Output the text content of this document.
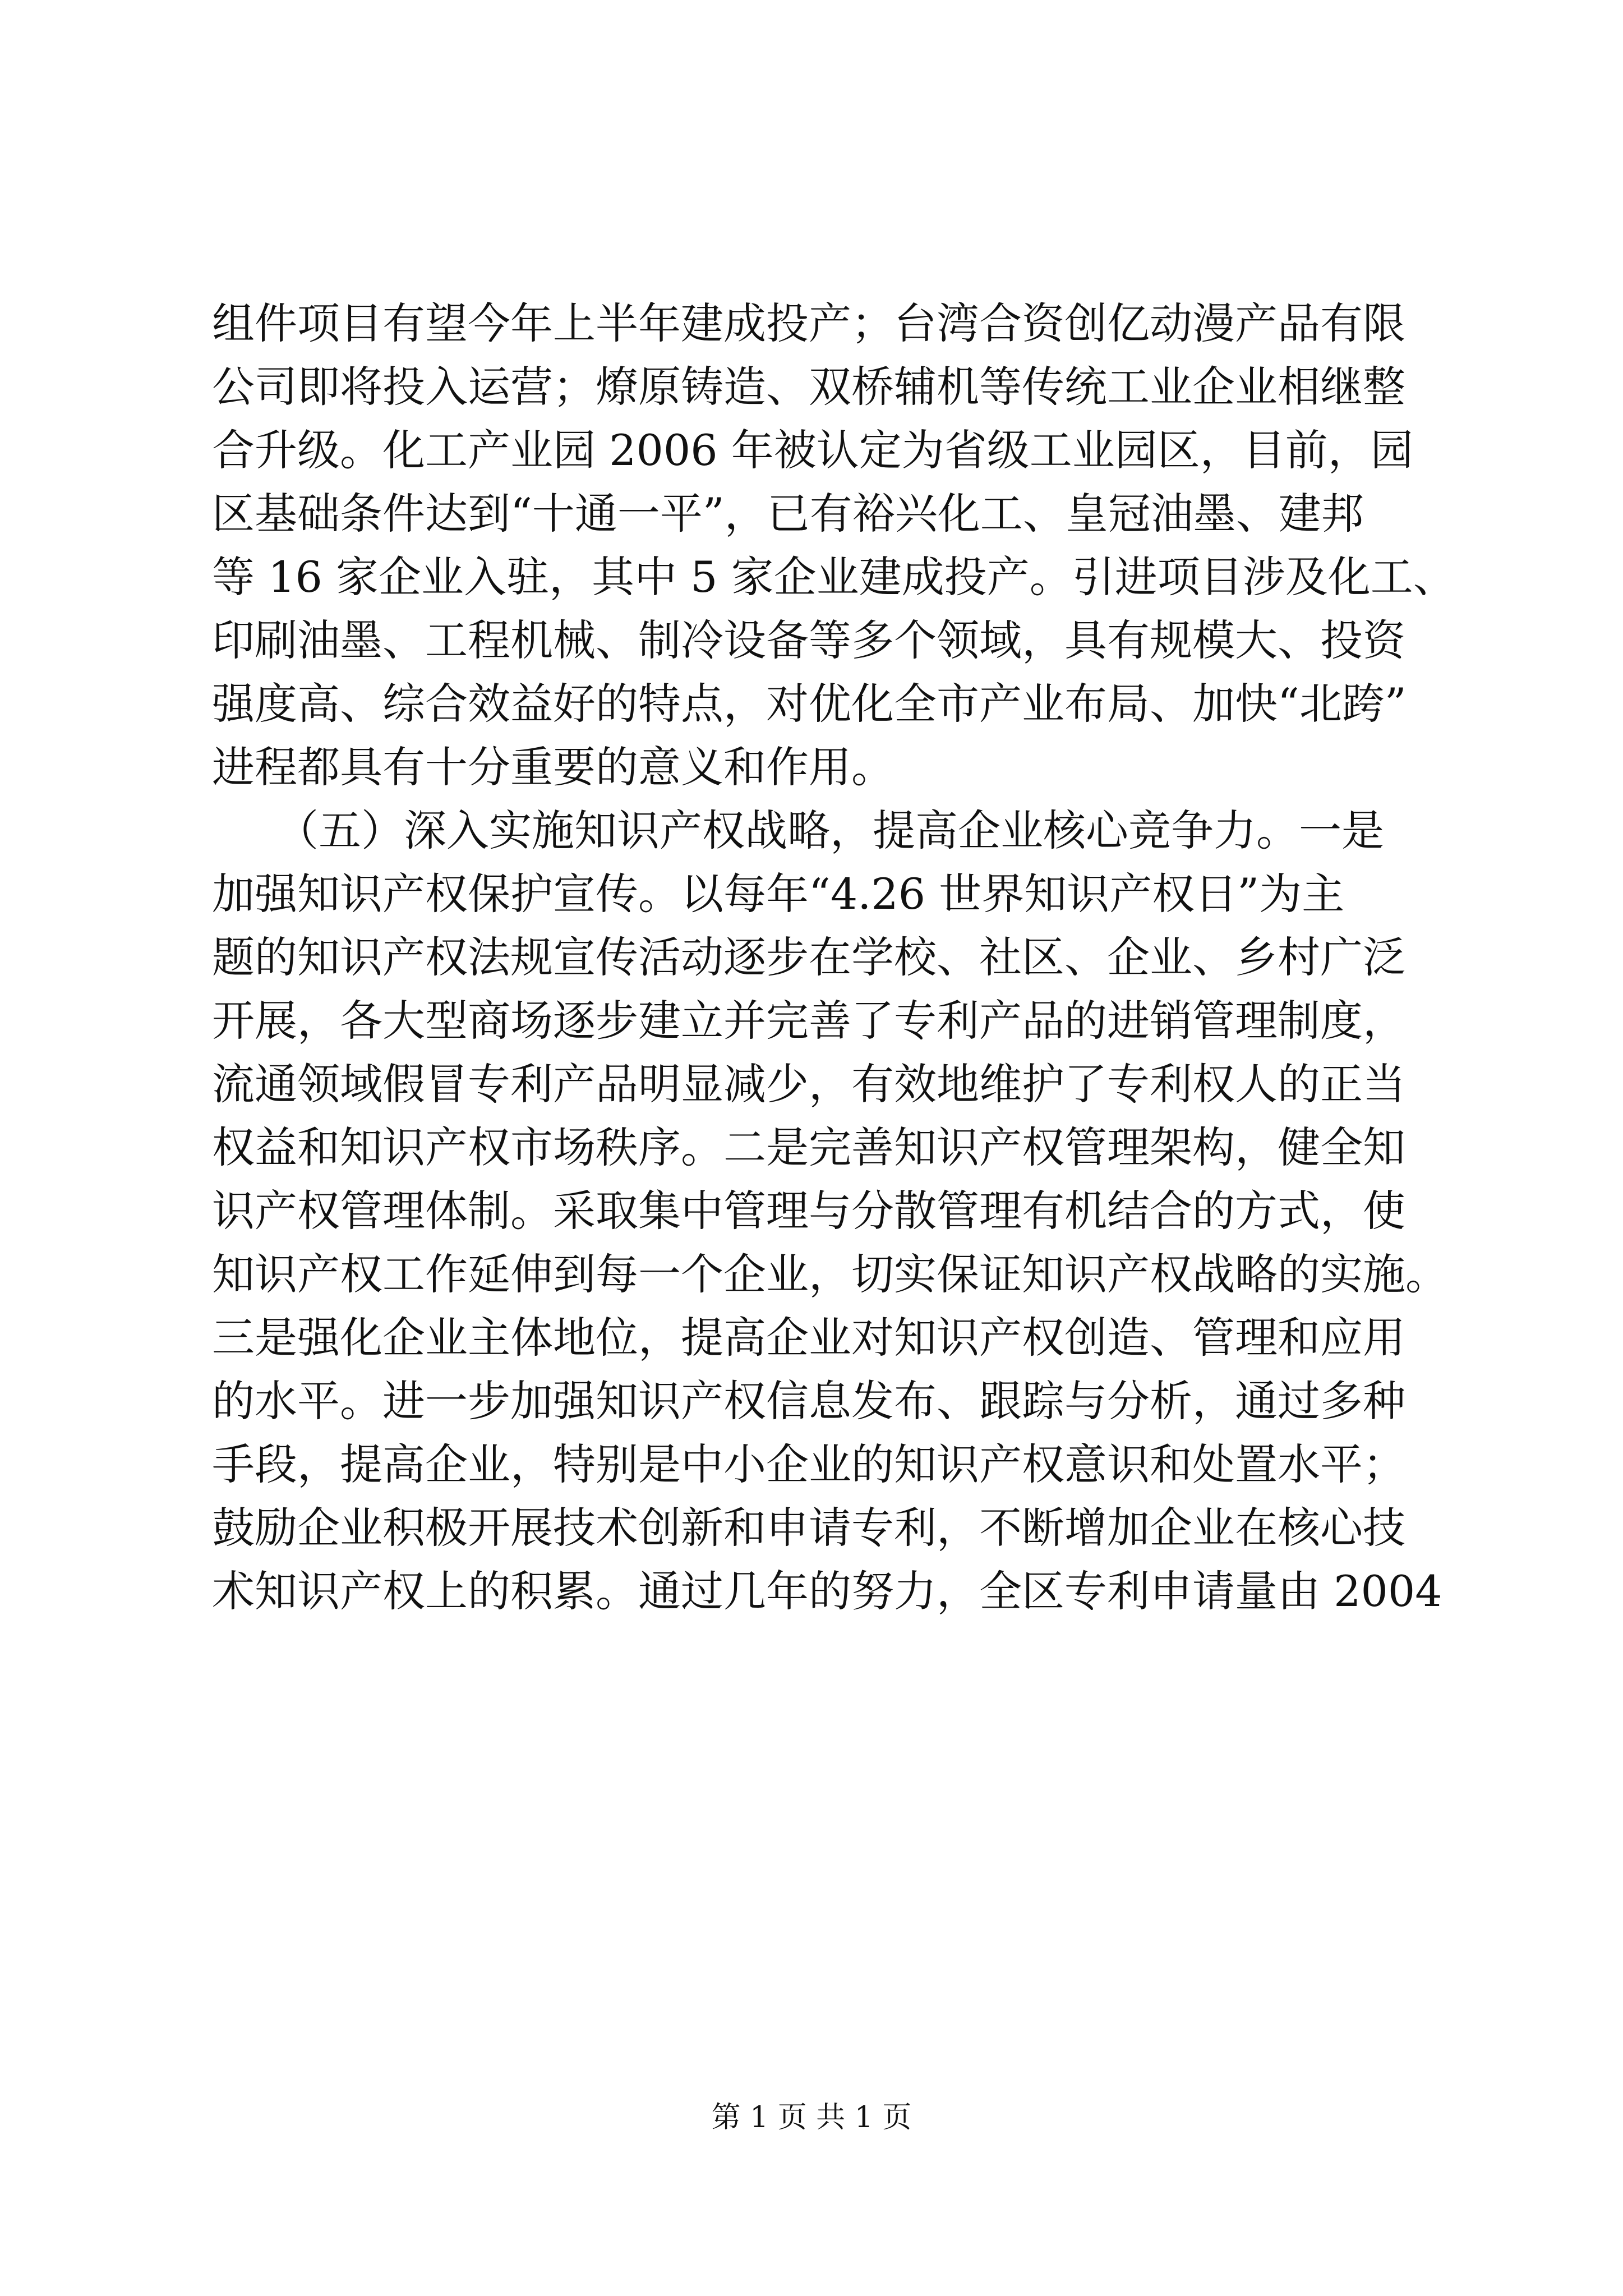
组件项目有望今年上半年建成投产；台湾合资创亿动漫产品有限
公司即将投入运营；燎原铸造、双桥辅机等传统工业企业相继整
合升级。化工产业园 2006 年被认定为省级工业园区，目前，园
区基础条件达到“十通一平”，已有裕兴化工、皇冠油墨、建邦
等 16 家企业入驻，其中 5 家企业建成投产。引进项目涉及化工、
印刷油墨、工程机械、制冷设备等多个领域，具有规模大、投资
强度高、综合效益好的特点，对优化全市产业布局、加快“北跨”
进程都具有十分重要的意义和作用。
　　（五）深入实施知识产权战略，提高企业核心竞争力。一是
加强知识产权保护宣传。以每年“4.26 世界知识产权日”为主
题的知识产权法规宣传活动逐步在学校、社区、企业、乡村广泛
开展，各大型商场逐步建立并完善了专利产品的进销管理制度，
流通领域假冒专利产品明显减少，有效地维护了专利权人的正当
权益和知识产权市场秩序。二是完善知识产权管理架构，健全知
识产权管理体制。采取集中管理与分散管理有机结合的方式，使
知识产权工作延伸到每一个企业，切实保证知识产权战略的实施。
三是强化企业主体地位，提高企业对知识产权创造、管理和应用
的水平。进一步加强知识产权信息发布、跟踪与分析，通过多种
手段，提高企业，特别是中小企业的知识产权意识和处置水平；
鼓励企业积极开展技术创新和申请专利，不断增加企业在核心技
术知识产权上的积累。通过几年的努力，全区专利申请量由 2004
第 1 页 共 1 页
